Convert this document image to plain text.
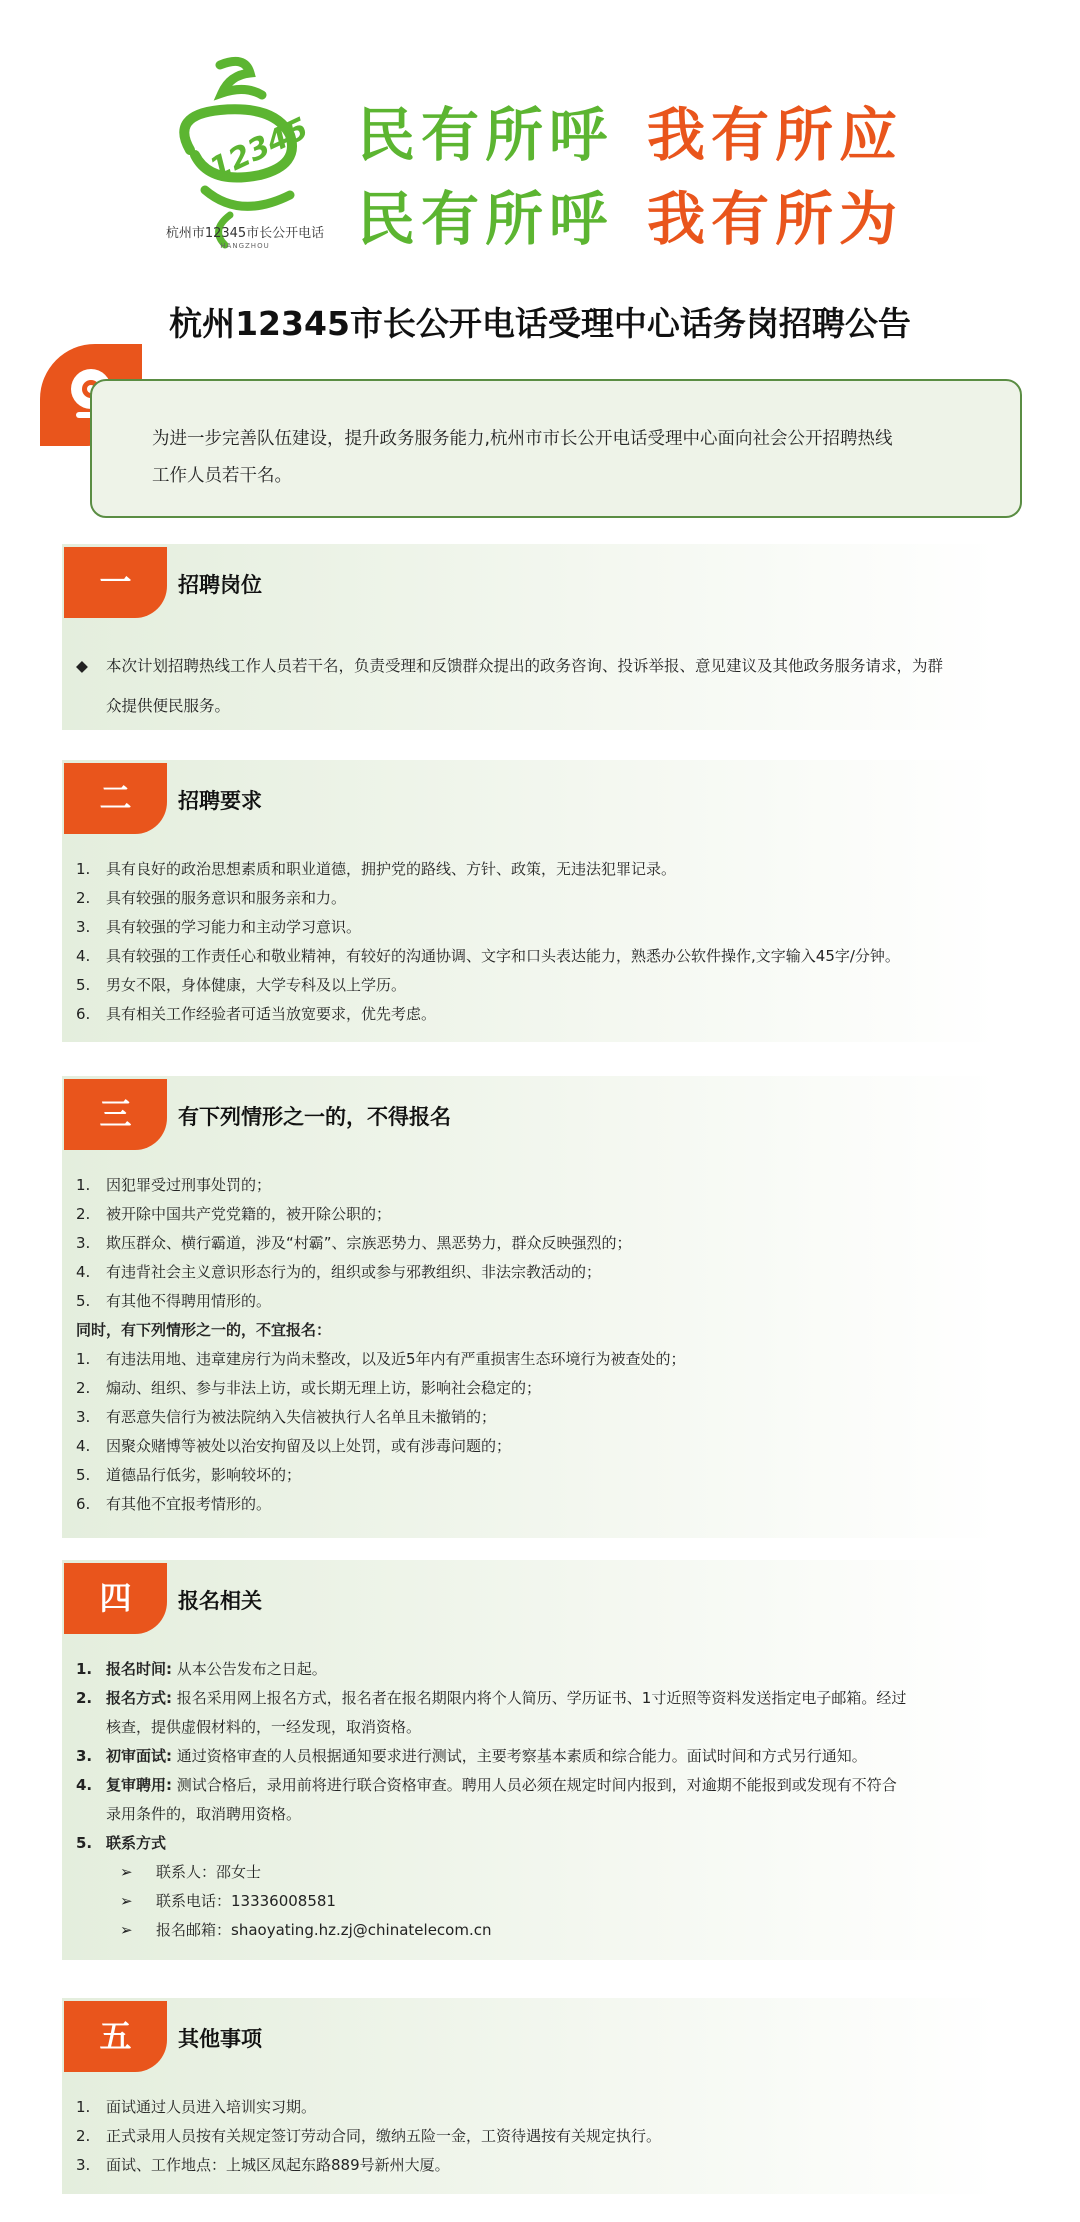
12345
杭州市12345市长公开电话
HANGZHOU
民有所呼 我有所应
民有所呼 我有所为
杭州12345市长公开电话受理中心话务岗招聘公告
为进一步完善队伍建设，提升政务服务能力,杭州市市长公开电话受理中心面向社会公开招聘热线
工作人员若干名。
一	招聘岗位
◆	本次计划招聘热线工作人员若干名，负责受理和反馈群众提出的政务咨询、投诉举报、意见建议及其他政务服务请求，为群
众提供便民服务。
二	招聘要求
1.	具有良好的政治思想素质和职业道德，拥护党的路线、方针、政策，无违法犯罪记录。
2.	具有较强的服务意识和服务亲和力。
3.	具有较强的学习能力和主动学习意识。
4.	具有较强的工作责任心和敬业精神，有较好的沟通协调、文字和口头表达能力，熟悉办公软件操作,文字输入45字/分钟。
5.	男女不限，身体健康，大学专科及以上学历。
6.	具有相关工作经验者可适当放宽要求，优先考虑。
三	有下列情形之一的，不得报名
1.	因犯罪受过刑事处罚的；
2.	被开除中国共产党党籍的，被开除公职的；
3.	欺压群众、横行霸道，涉及“村霸”、宗族恶势力、黑恶势力，群众反映强烈的；
4.	有违背社会主义意识形态行为的，组织或参与邪教组织、非法宗教活动的；
5.	有其他不得聘用情形的。
同时，有下列情形之一的，不宜报名：
1.	有违法用地、违章建房行为尚未整改，以及近5年内有严重损害生态环境行为被查处的；
2.	煽动、组织、参与非法上访，或长期无理上访，影响社会稳定的；
3.	有恶意失信行为被法院纳入失信被执行人名单且未撤销的；
4.	因聚众赌博等被处以治安拘留及以上处罚，或有涉毒问题的；
5.	道德品行低劣，影响较坏的；
6.	有其他不宜报考情形的。
四	报名相关
1. 报名时间: 从本公告发布之日起。
2. 报名方式: 报名采用网上报名方式，报名者在报名期限内将个人简历、学历证书、1寸近照等资料发送指定电子邮箱。经过
核查，提供虚假材料的，一经发现，取消资格。
3. 初审面试: 通过资格审查的人员根据通知要求进行测试，主要考察基本素质和综合能力。面试时间和方式另行通知。
4. 复审聘用: 测试合格后，录用前将进行联合资格审查。聘用人员必须在规定时间内报到，对逾期不能报到或发现有不符合
录用条件的，取消聘用资格。
5. 联系方式
➢ 联系人：邵女士
➢ 联系电话：13336008581
➢ 报名邮箱：shaoyating.hz.zj@chinatelecom.cn
五	其他事项
1.	面试通过人员进入培训实习期。
2.	正式录用人员按有关规定签订劳动合同，缴纳五险一金，工资待遇按有关规定执行。
3.	面试、工作地点：上城区凤起东路889号新州大厦。
